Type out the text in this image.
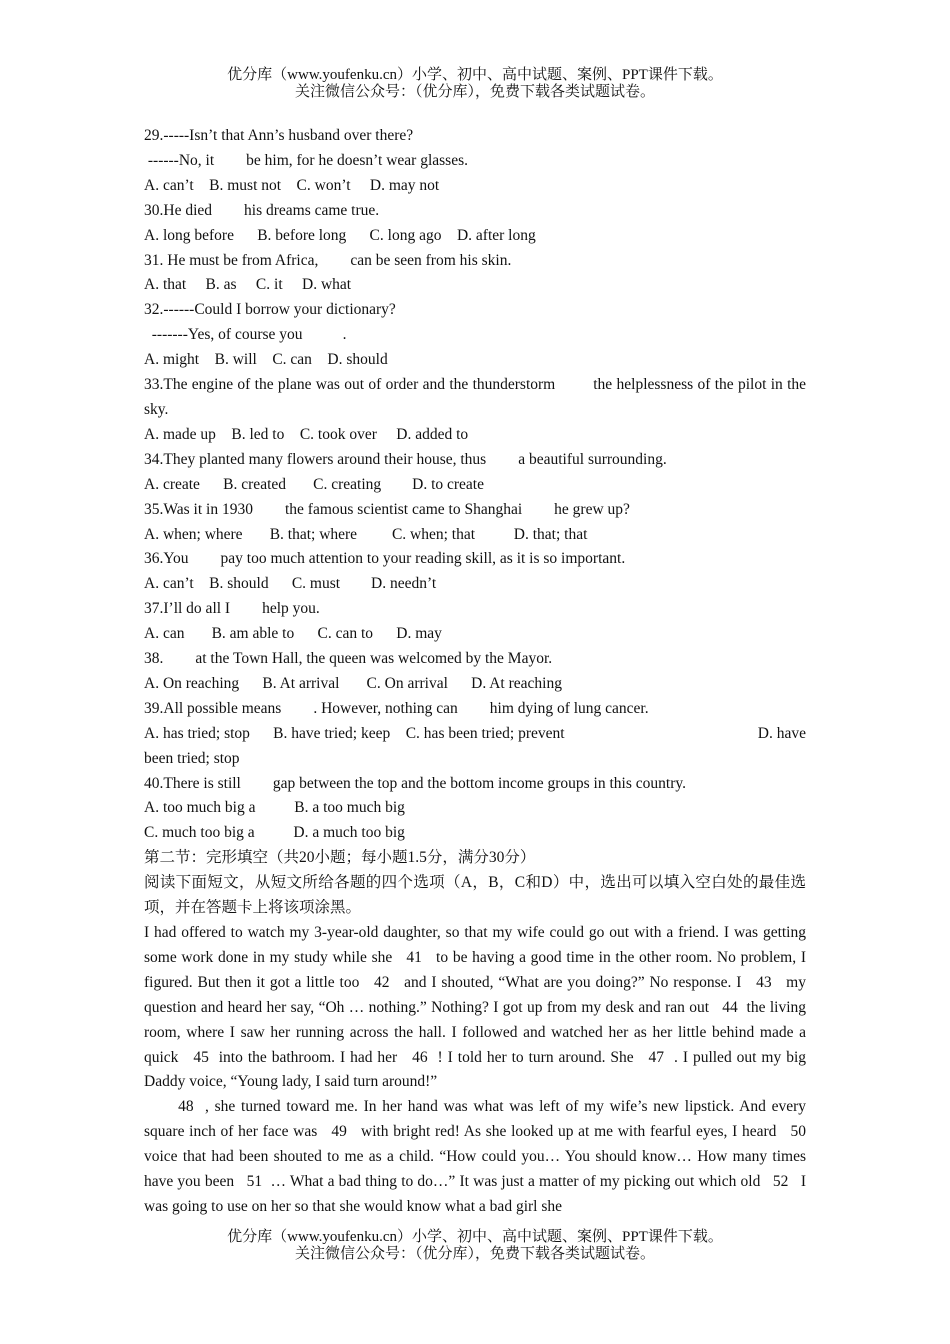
优分库（www.youfenku.cn）小学、初中、高中试题、案例、PPT课件下载。
关注微信公众号：（优分库），免费下载各类试题试卷。
29.-----Isn’t that Ann’s husband over there?
------No, it be him, for he doesn’t wear glasses.
A. can’t    B. must not    C. won’t     D. may not
30.He died his dreams came true.
A. long before      B. before long      C. long ago    D. after long
31. He must be from Africa, can be seen from his skin.
A. that     B. as     C. it     D. what
32.------Could I borrow your dictionary?
-------Yes, of course you	.
A. might    B. will    C. can    D. should
33.The engine of the plane was out of order and the thunderstorm the helplessness of the pilot in the sky.
A. made up    B. led to    C. took over     D. added to
34.They planted many flowers around their house, thus a beautiful surrounding.
A. create      B. created       C. creating        D. to create
35.Was it in 1930 the famous scientist came to Shanghai he grew up?
A. when; where       B. that; where         C. when; that          D. that; that
36.You pay too much attention to your reading skill, as it is so important.
A. can’t    B. should      C. must        D. needn’t
37.I’ll do all I help you.
A. can       B. am able to      C. can to      D. may
38. at the Town Hall, the queen was welcomed by the Mayor.
A. On reaching      B. At arrival       C. On arrival      D. At reaching
39.All possible means . However, nothing can him dying of lung cancer.
A. has tried; stop      B. have tried; keep    C. has been tried; prevent	D. have
been tried; stop
40.There is still gap between the top and the bottom income groups in this country.
A. too much big a          B. a too much big
C. much too big a          D. a much too big
第二节：完形填空（共20小题；每小题1.5分，满分30分）
阅读下面短文，从短文所给各题的四个选项（A，B，C和D）中，选出可以填入空白处的最佳选项，并在答题卡上将该项涂黑。
I had offered to watch my 3-year-old daughter, so that my wife could go out with a friend. I was getting some work done in my study while she   41   to be having a good time in the other room. No problem, I figured. But then it got a little too   42   and I shouted, “What are you doing?” No response. I   43   my question and heard her say, “Oh … nothing.” Nothing? I got up from my desk and ran out   44  the living room, where I saw her running across the hall. I followed and watched her as her little behind made a quick   45  into the bathroom. I had her   46  ! I told her to turn around. She   47  . I pulled out my big Daddy voice, “Young lady, I said turn around!”
48  , she turned toward me. In her hand was what was left of my wife’s new lipstick. And every square inch of her face was   49   with bright red! As she looked up at me with fearful eyes, I heard   50   voice that had been shouted to me as a child. “How could you… You should know… How many times have you been   51  … What a bad thing to do…” It was just a matter of my picking out which old   52   I was going to use on her so that she would know what a bad girl she
优分库（www.youfenku.cn）小学、初中、高中试题、案例、PPT课件下载。
关注微信公众号：（优分库），免费下载各类试题试卷。
